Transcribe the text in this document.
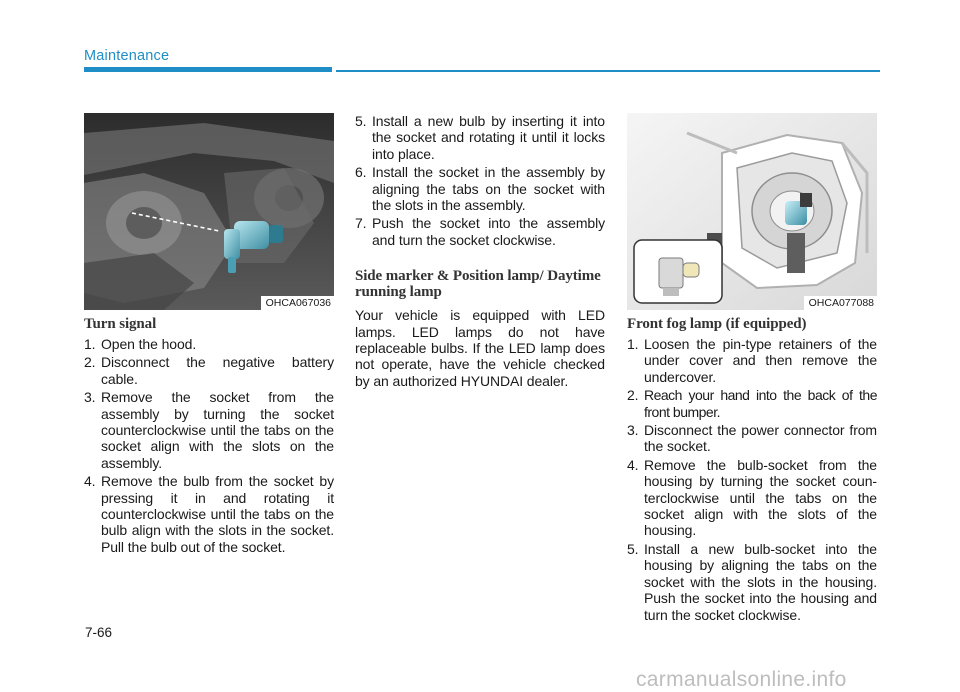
Maintenance
OHCA067036
Turn signal
1. Open the hood.
2. Disconnect the negative battery cable.
3. Remove the socket from the assembly by turning the socket counterclockwise until the tabs on the socket align with the slots on the assembly.
4. Remove the bulb from the socket by pressing it in and rotating it counterclockwise until the tabs on the bulb align with the slots in the socket. Pull the bulb out of the socket.
5. Install a new bulb by inserting it into the socket and rotating it until it locks into place.
6. Install the socket in the assembly by aligning the tabs on the socket with the slots in the assembly.
7. Push the socket into the assembly and turn the socket clockwise.
Side marker & Position lamp/ Daytime running lamp

Your vehicle is equipped with LED lamps. LED lamps do not have replaceable bulbs. If the LED lamp does not operate, have the vehicle checked by an authorized HYUNDAI dealer.

OHCA077088
Front fog lamp (if equipped)
1. Loosen the pin-type retainers of the under cover and then remove the undercover.
2. Reach your hand into the back of the front bumper.
3. Disconnect the power connector from the socket.
4. Remove the bulb-socket from the housing by turning the socket coun-terclockwise until the tabs on the socket align with the slots of the housing.
5. Install a new bulb-socket into the housing by aligning the tabs on the socket with the slots in the housing. Push the socket into the housing and turn the socket clockwise.
7-66
carmanualsonline.info
